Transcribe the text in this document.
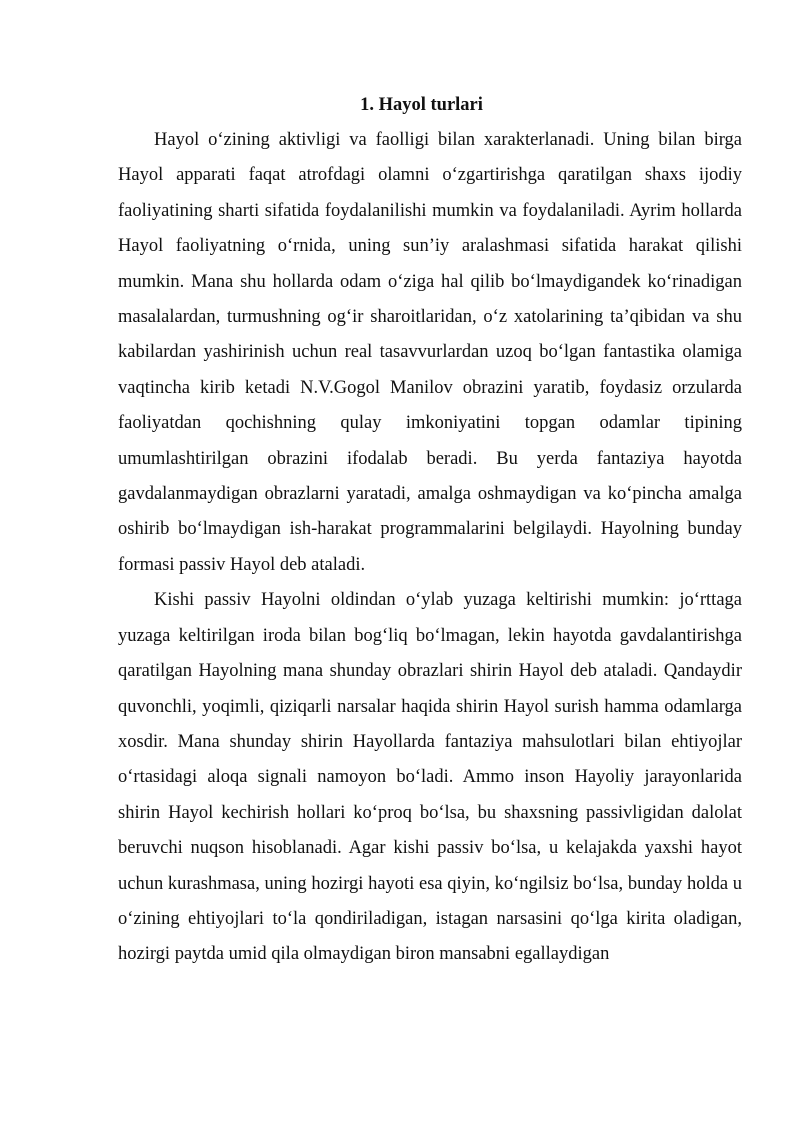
1. Hayol turlari

Hayol o‘zining aktivligi va faolligi bilan xarakterlanadi. Uning bilan birga Hayol apparati faqat atrofdagi olamni o‘zgartirishga qaratilgan shaxs ijodiy faoliyatining sharti sifatida foydalanilishi mumkin va foydalaniladi. Ayrim hollarda Hayol faoliyatning o‘rnida, uning sun’iy aralashmasi sifatida harakat qilishi mumkin. Mana shu hollarda odam o‘ziga hal qilib bo‘lmaydigandek ko‘rinadigan masalalardan, turmushning og‘ir sharoitlaridan, o‘z xatolarining ta’qibidan va shu kabilardan yashirinish uchun real tasavvurlardan uzoq bo‘lgan fantastika olamiga vaqtincha kirib ketadi N.V.Gogol Manilov obrazini yaratib, foydasiz orzularda faoliyatdan qochishning qulay imkoniyatini topgan odamlar tipining umumlashtirilgan obrazini ifodalab beradi. Bu yerda fantaziya hayotda gavdalanmaydigan obrazlarni yaratadi, amalga oshmaydigan va ko‘pincha amalga oshirib bo‘lmaydigan ish-harakat programmalarini belgilaydi. Hayolning bunday formasi passiv Hayol deb ataladi.

Kishi passiv Hayolni oldindan o‘ylab yuzaga keltirishi mumkin: jo‘rttaga yuzaga keltirilgan iroda bilan bog‘liq bo‘lmagan, lekin hayotda gavdalantirishga qaratilgan Hayolning mana shunday obrazlari shirin Hayol deb ataladi. Qandaydir quvonchli, yoqimli, qiziqarli narsalar haqida shirin Hayol surish hamma odamlarga xosdir. Mana shunday shirin Hayollarda fantaziya mahsulotlari bilan ehtiyojlar o‘rtasidagi aloqa signali namoyon bo‘ladi. Ammo inson Hayoliy jarayonlarida shirin Hayol kechirish hollari ko‘proq bo‘lsa, bu shaxsning passivligidan dalolat beruvchi nuqson hisoblanadi. Agar kishi passiv bo‘lsa, u kelajakda yaxshi hayot uchun kurashmasa, uning hozirgi hayoti esa qiyin, ko‘ngilsiz bo‘lsa, bunday holda u o‘zining ehtiyojlari to‘la qondiriladigan, istagan narsasini qo‘lga kirita oladigan, hozirgi paytda umid qila olmaydigan biron mansabni egallaydigan
